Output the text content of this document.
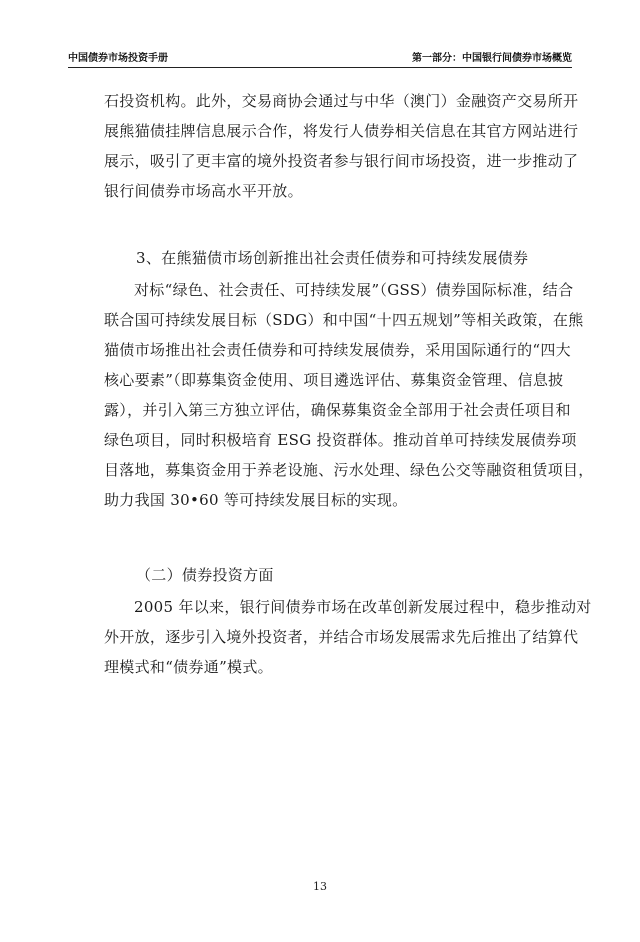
中国债券市场投资手册	第一部分：中国银行间债券市场概览
石投资机构。此外，交易商协会通过与中华（澳门）金融资产交易所开
展熊猫债挂牌信息展示合作，将发行人债券相关信息在其官方网站进行
展示，吸引了更丰富的境外投资者参与银行间市场投资，进一步推动了
银行间债券市场高水平开放。
3、在熊猫债市场创新推出社会责任债券和可持续发展债券
对标“绿色、社会责任、可持续发展”（GSS）债券国际标准，结合
联合国可持续发展目标（SDG）和中国“十四五规划”等相关政策，在熊
猫债市场推出社会责任债券和可持续发展债券，采用国际通行的“四大
核心要素”（即募集资金使用、项目遴选评估、募集资金管理、信息披
露），并引入第三方独立评估，确保募集资金全部用于社会责任项目和
绿色项目，同时积极培育 ESG 投资群体。推动首单可持续发展债券项
目落地，募集资金用于养老设施、污水处理、绿色公交等融资租赁项目，
助力我国 30•60 等可持续发展目标的实现。
（二）债券投资方面
2005 年以来，银行间债券市场在改革创新发展过程中，稳步推动对
外开放，逐步引入境外投资者，并结合市场发展需求先后推出了结算代
理模式和“债券通”模式。
13
